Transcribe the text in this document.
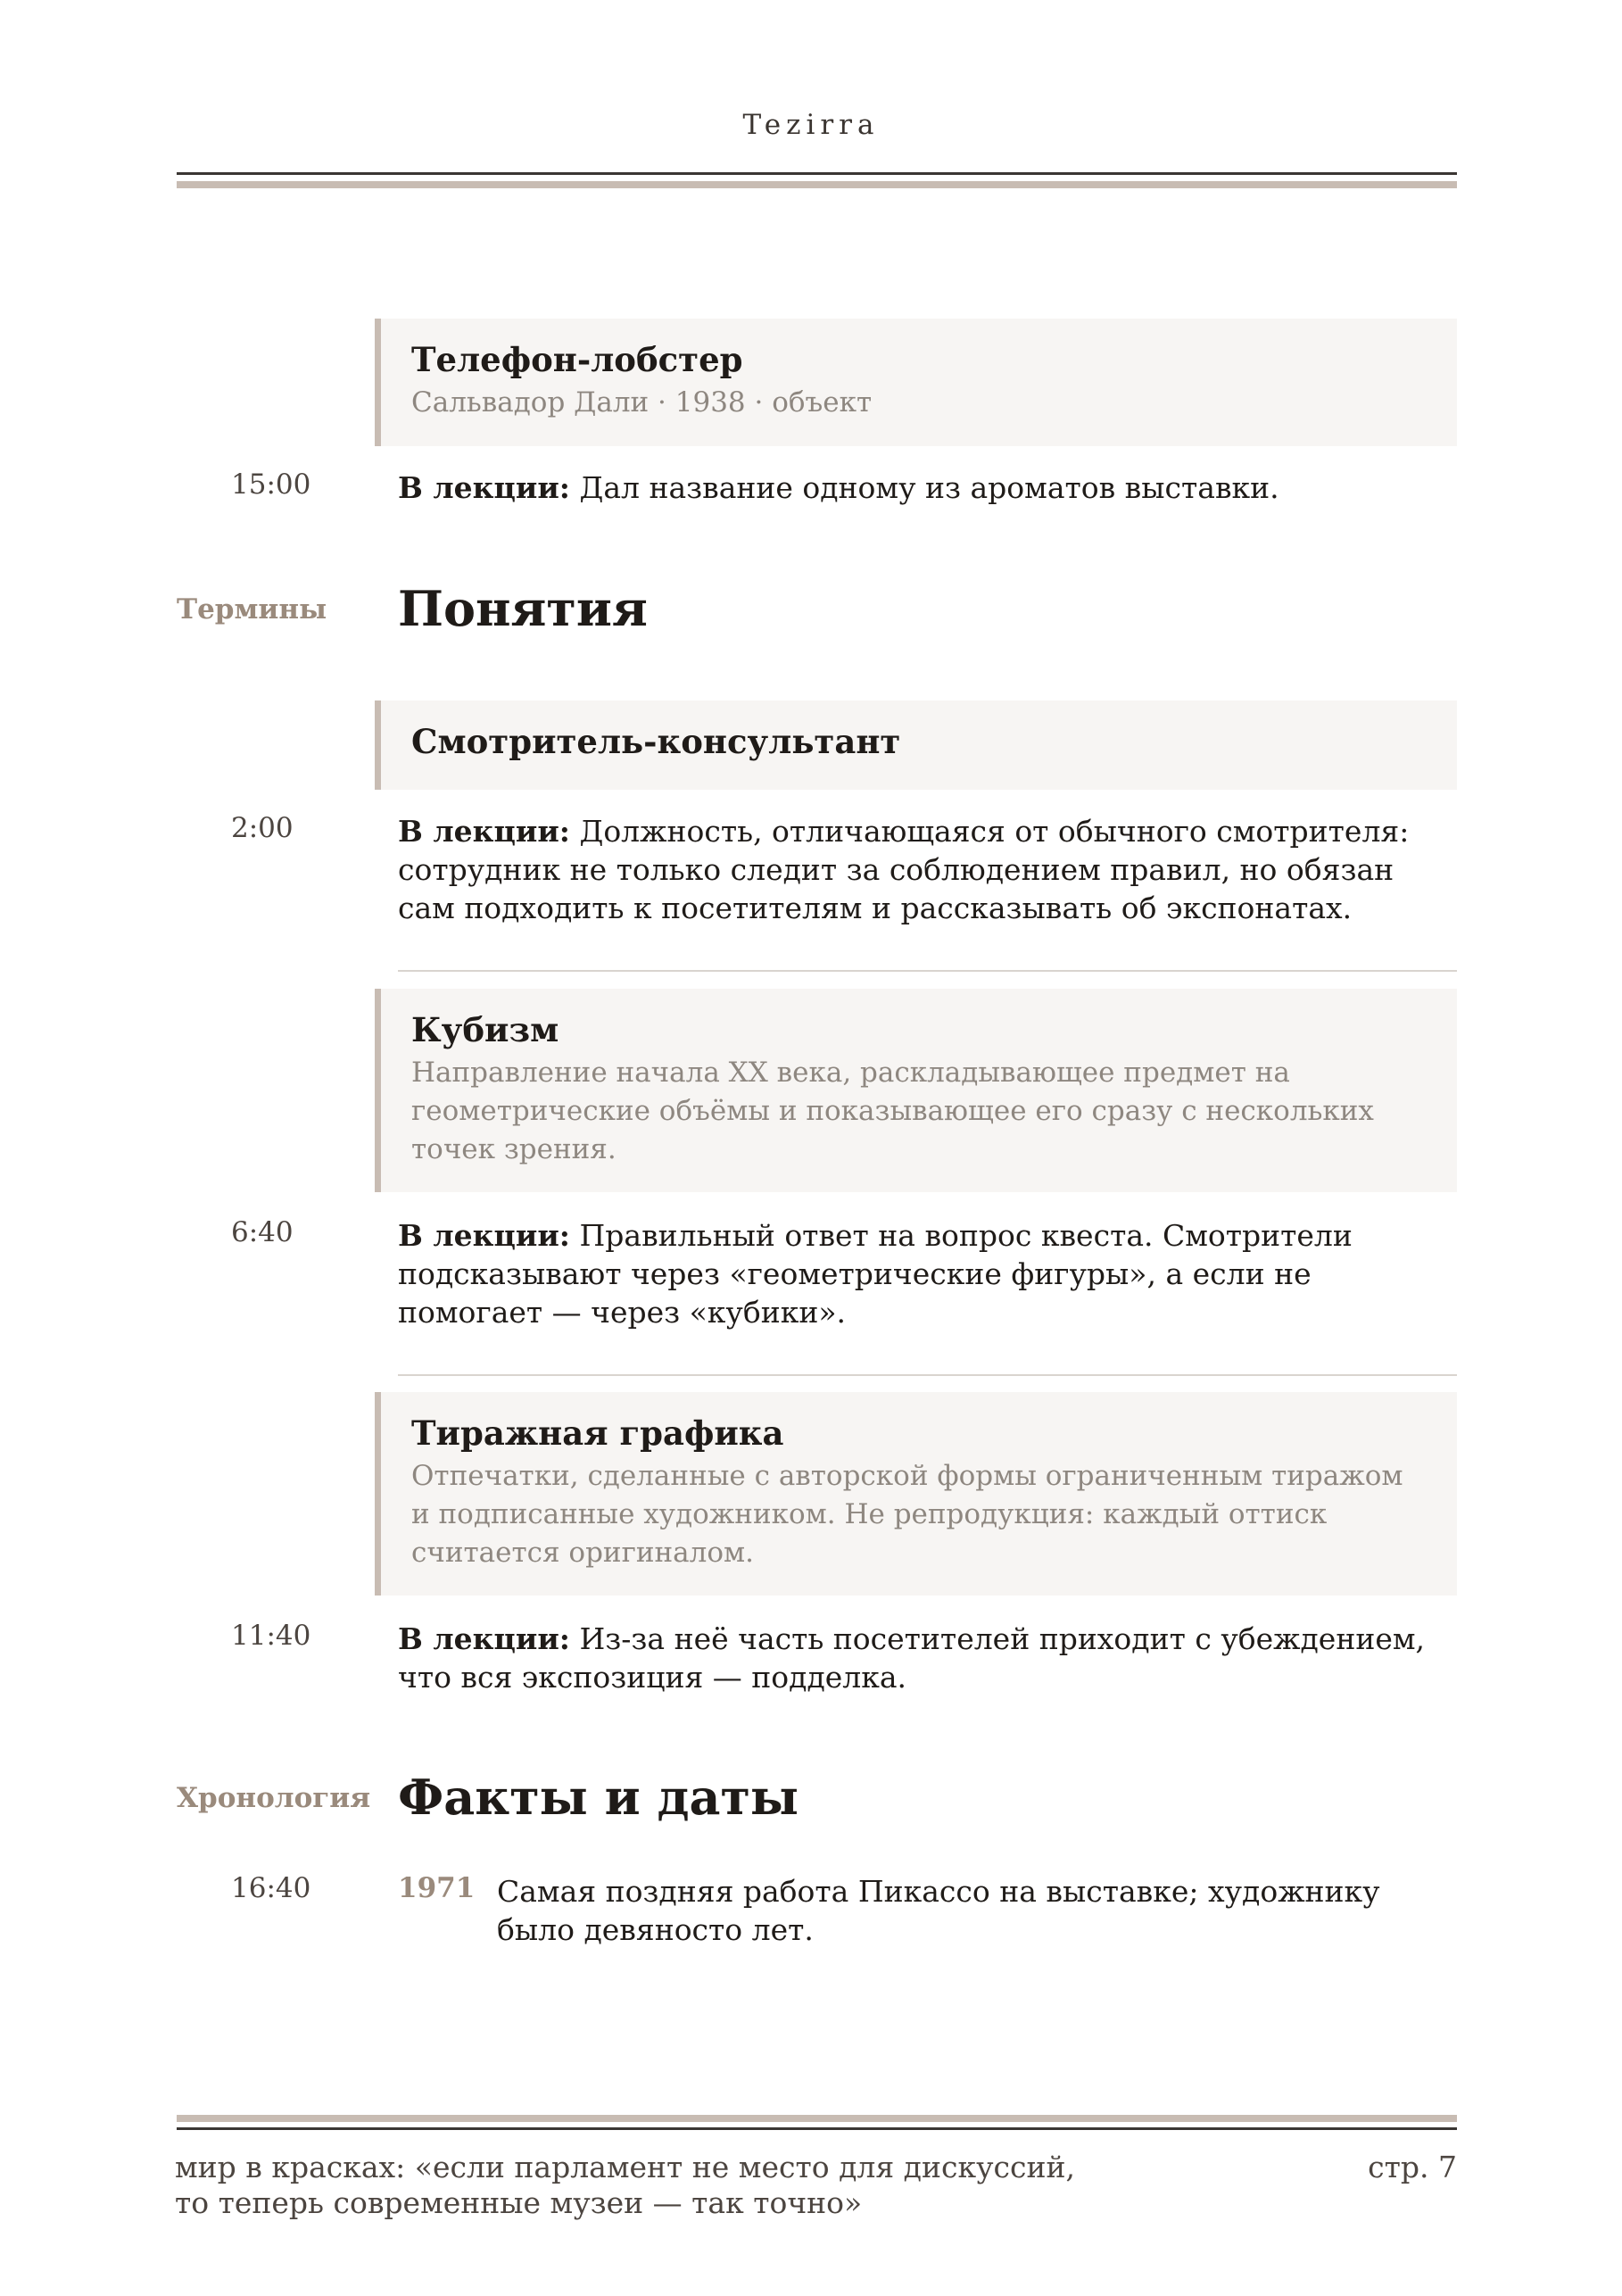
Tezirra
Телефон-лобстер
Сальвадор Дали · 1938 · объект
15:00	В лекции: Дал название одному из ароматов выставки.
Термины Понятия
Смотритель-консультант
2:00	В лекции: Должность, отличающаяся от обычного смотрителя: сотрудник не только следит за соблюдением правил, но обязан сам подходить к посетителям и рассказывать об экспонатах.
Кубизм
Направление начала XX века, раскладывающее предмет на геометрические объёмы и показывающее его сразу с нескольких точек зрения.
6:40	В лекции: Правильный ответ на вопрос квеста. Смотрители подсказывают через «геометрические фигуры», а если не помогает — через «кубики».
Тиражная графика
Отпечатки, сделанные с авторской формы ограниченным тиражом и подписанные художником. Не репродукция: каждый оттиск считается оригиналом.
11:40	В лекции: Из-за неё часть посетителей приходит с убеждением, что вся экспозиция — подделка.
Хронология Факты и даты
16:40	1971 Самая поздняя работа Пикассо на выставке; художнику было девяносто лет.
мир в красках: «если парламент не место для дискуссий,
то теперь современные музеи — так точно»
стр. 7
